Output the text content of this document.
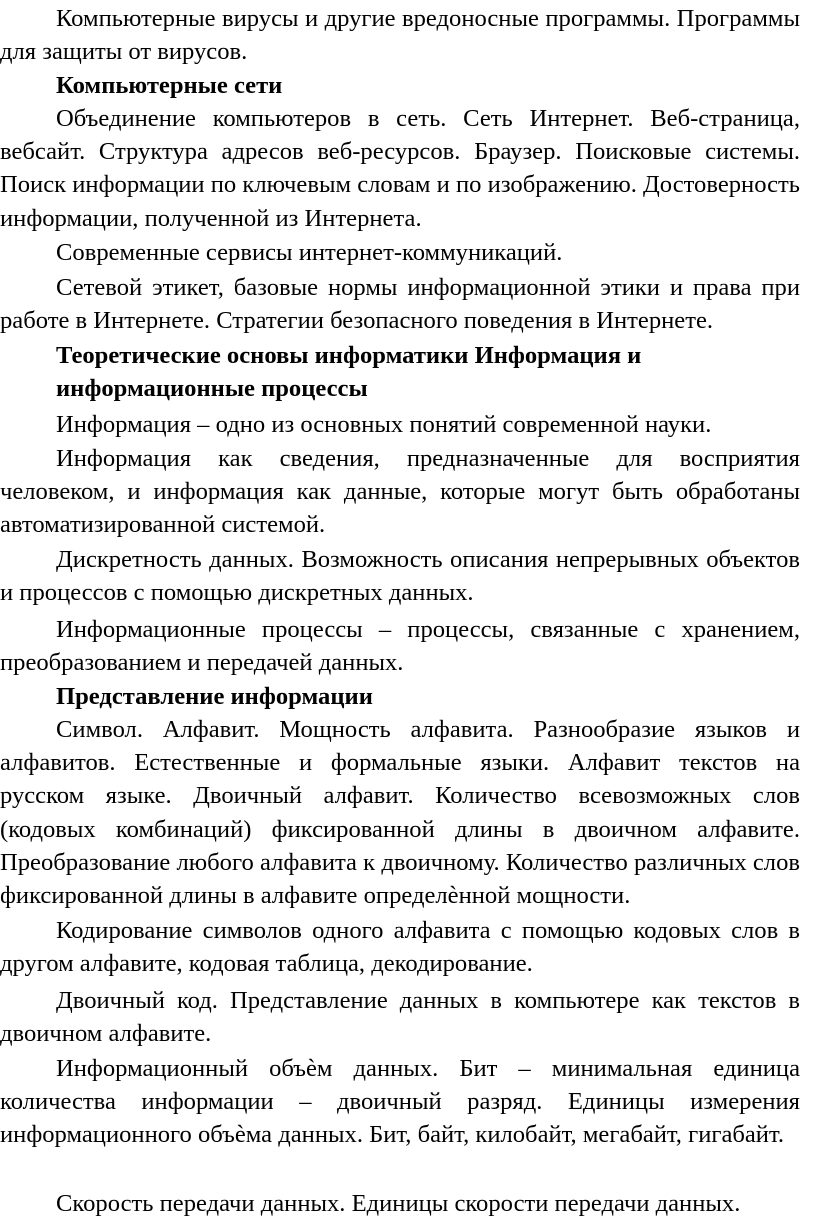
Компьютерные вирусы и другие вредоносные программы. Программы для защиты от вирусов.

Компьютерные сети

Объединение компьютеров в сеть. Сеть Интернет. Веб-страница, вебсайт. Структура адресов веб-ресурсов. Браузер. Поисковые системы. Поиск информации по ключевым словам и по изображению. Достоверность информации, полученной из Интернета.

Современные сервисы интернет-коммуникаций.

Сетевой этикет, базовые нормы информационной этики и права при работе в Интернете. Стратегии безопасного поведения в Интернете.

Теоретические основы информатики Информация и информационные процессы

Информация – одно из основных понятий современной науки.

Информация как сведения, предназначенные для восприятия человеком, и информация как данные, которые могут быть обработаны автоматизированной системой.

Дискретность данных. Возможность описания непрерывных объектов и процессов с помощью дискретных данных.

Информационные процессы – процессы, связанные с хранением, преобразованием и передачей данных.

Представление информации

Символ. Алфавит. Мощность алфавита. Разнообразие языков и алфавитов. Естественные и формальные языки. Алфавит текстов на русском языке. Двоичный алфавит. Количество всевозможных слов (кодовых комбинаций) фиксированной длины в двоичном алфавите. Преобразование любого алфавита к двоичному. Количество различных слов фиксированной длины в алфавите определѐнной мощности.

Кодирование символов одного алфавита с помощью кодовых слов в другом алфавите, кодовая таблица, декодирование.

Двоичный код. Представление данных в компьютере как текстов в двоичном алфавите.

Информационный объѐм данных. Бит – минимальная единица количества информации – двоичный разряд. Единицы измерения информационного объѐма данных. Бит, байт, килобайт, мегабайт, гигабайт.

Скорость передачи данных. Единицы скорости передачи данных.
